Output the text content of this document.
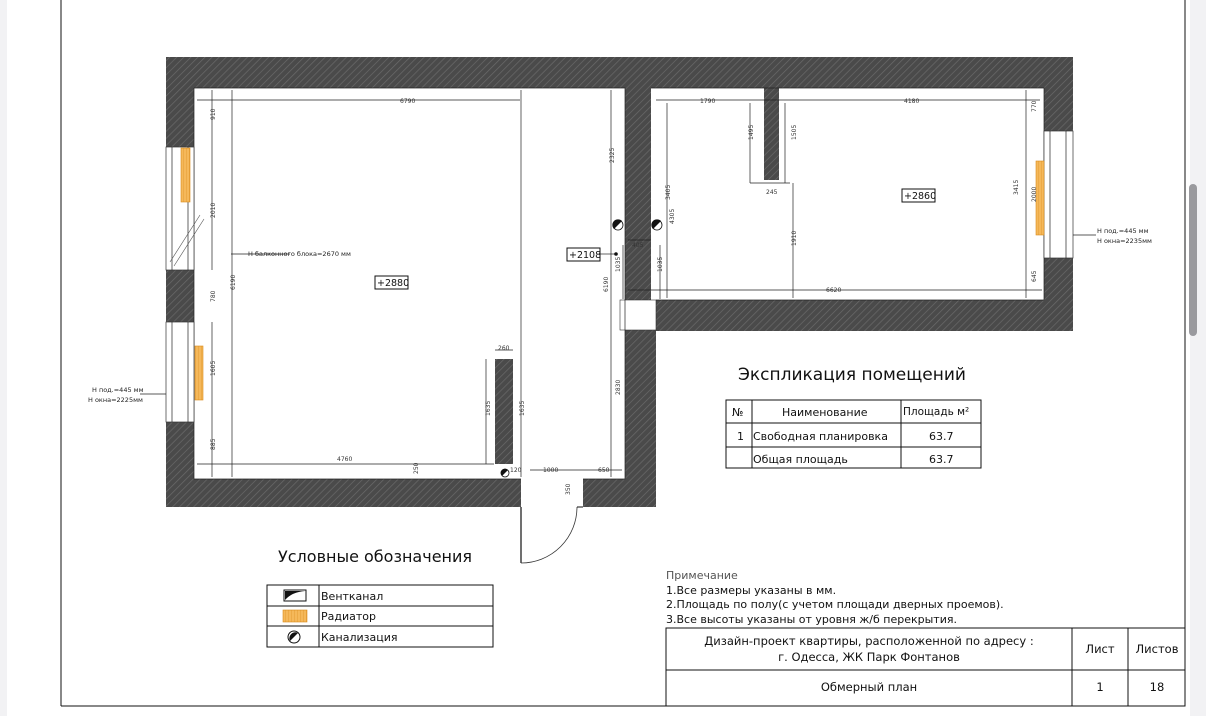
6790	1790	4180
4305
910
2010
6190
780
1605
885
2325
3405
405
1035	1035
6190
2830
260
1635	1635
4760
250	120	1000	650
350
1495	1505
245
1910
3415
770
2000
645
6620
+2880
+2860
+2108
H балконного блока=2670 мм
H под.=445 мм
H окна=2225мм
H под.=445 мм
H окна=2235мм
Экспликация помещений
№	Наименование	Площадь м²
1 Свободная планировка	63.7
Общая площадь	63.7
Условные обозначения
Вентканал
Радиатор
Канализация
Примечание
1.Все размеры указаны в мм.
2.Площадь по полу(с учетом площади дверных проемов).
3.Все высоты указаны от уровня ж/б перекрытия.
Дизайн-проект квартиры, расположенной по адресу :
г. Одесса, ЖК Парк Фонтанов
Лист Листов
Обмерный план	1	18
